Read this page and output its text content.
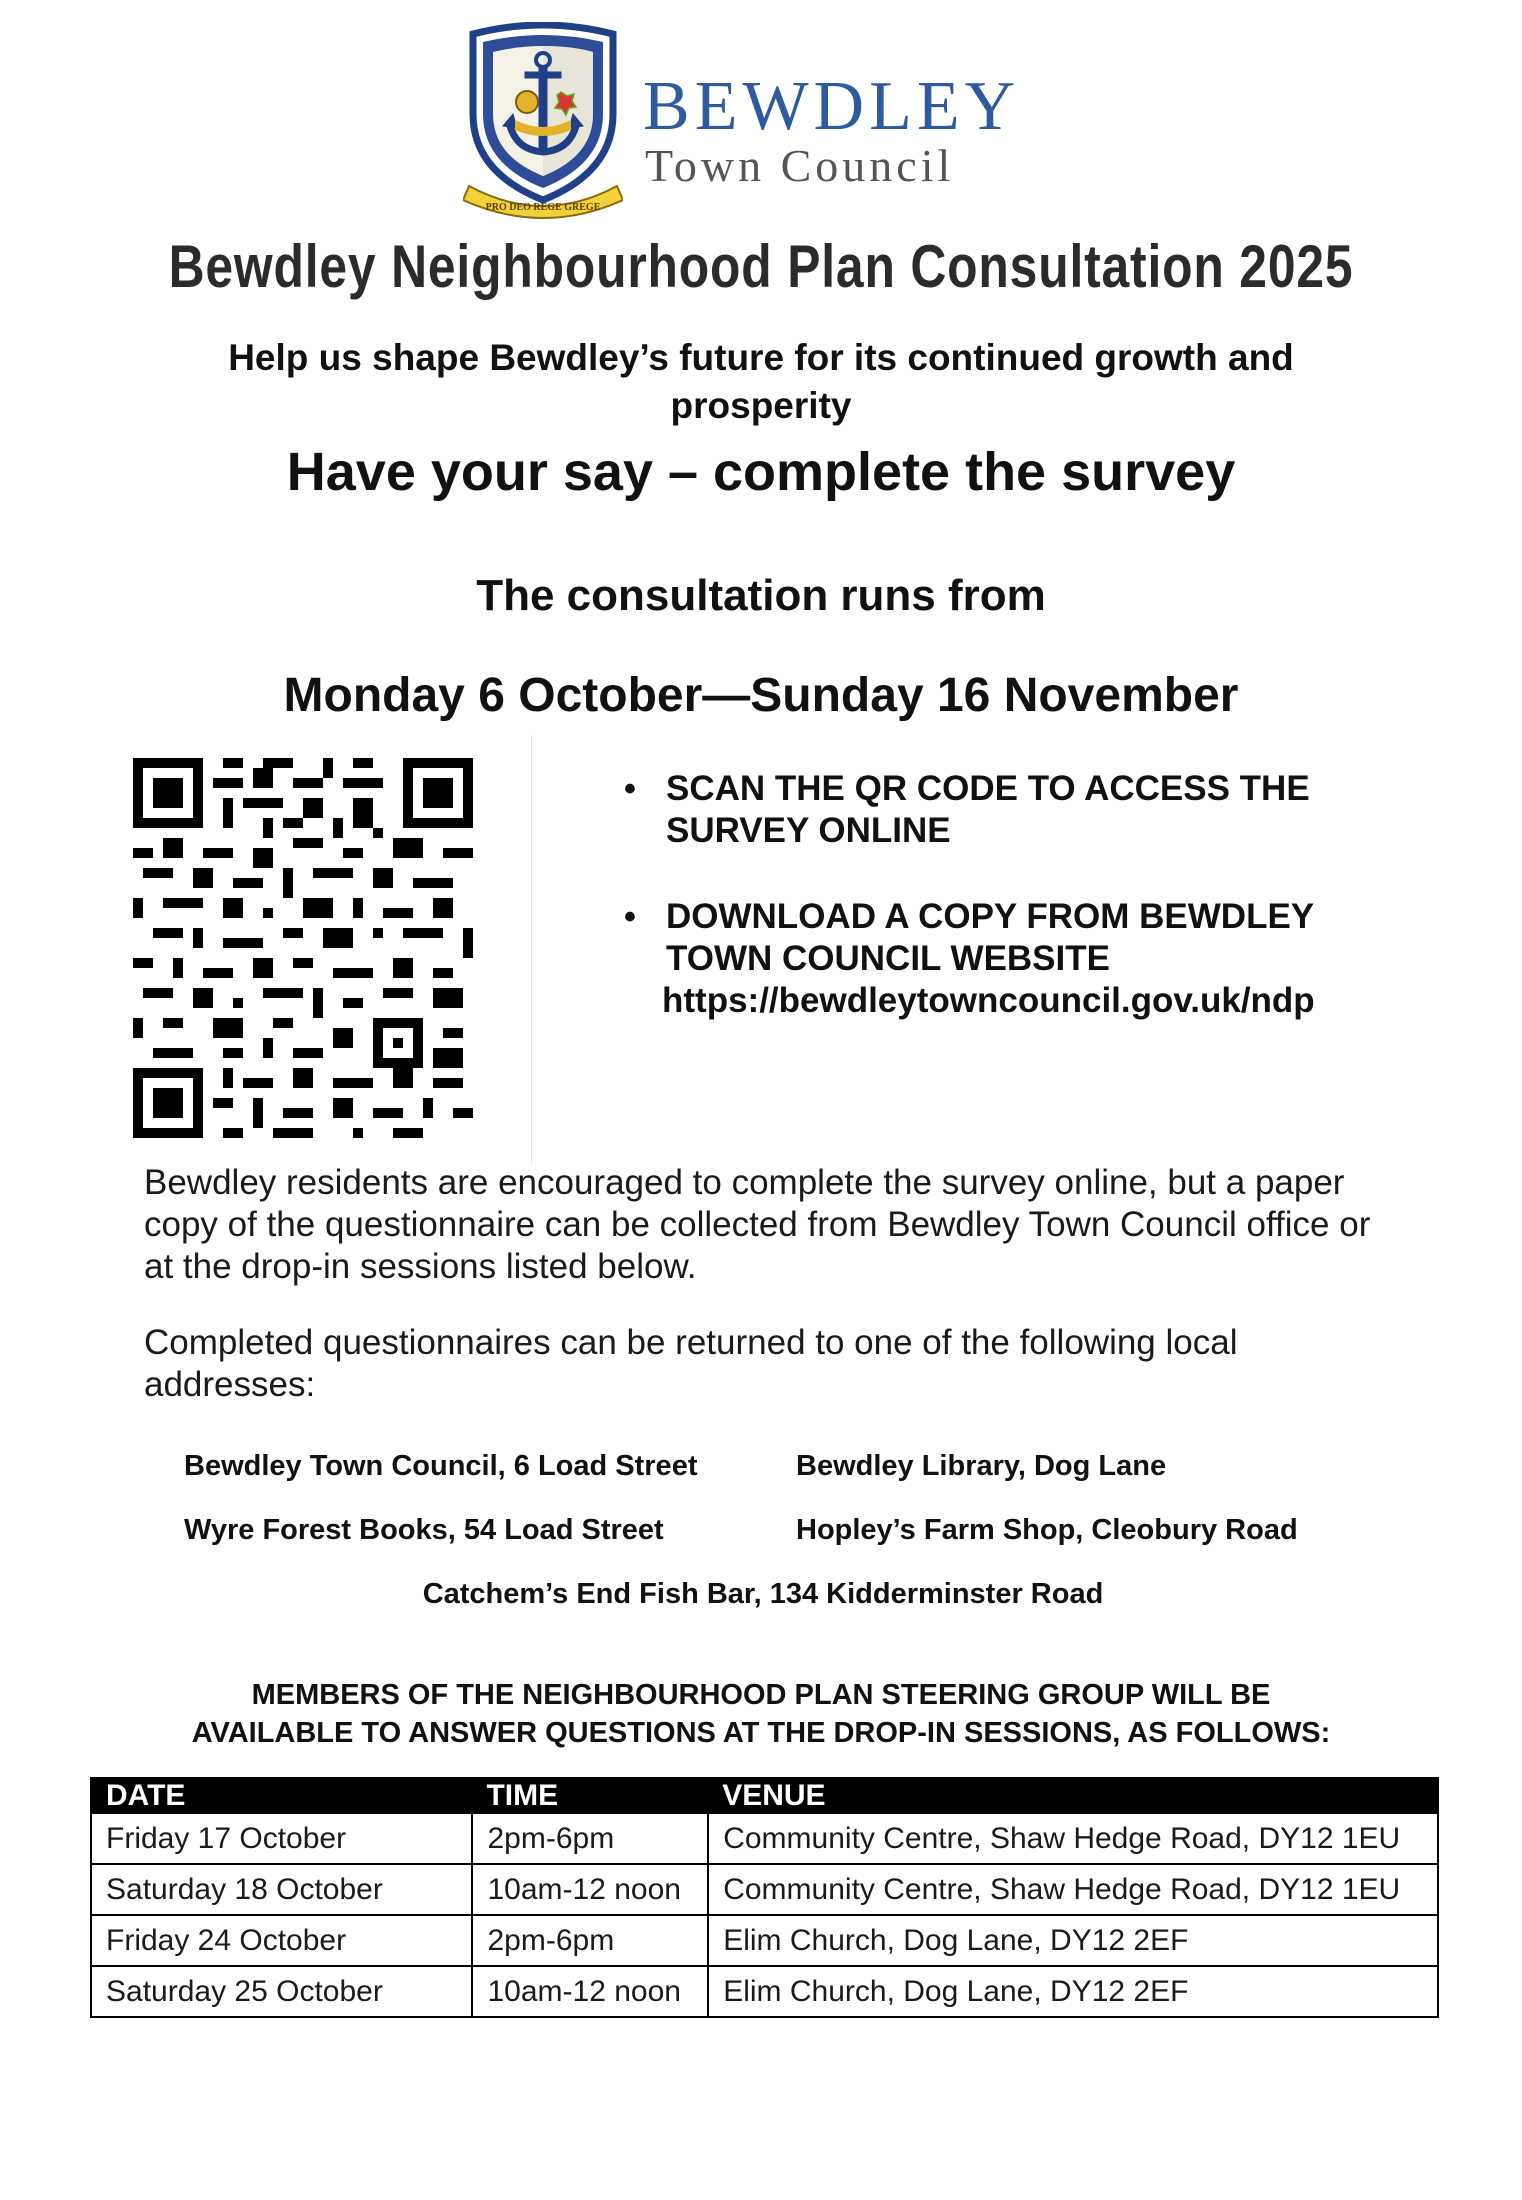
PRO DEO REGE GREGE
BEWDLEY
Town Council
Bewdley Neighbourhood Plan Consultation 2025
Help us shape Bewdley’s future for its continued growth and
prosperity
Have your say – complete the survey
The consultation runs from
Monday 6 October—Sunday 16 November
• SCAN THE QR CODE TO ACCESS THE
SURVEY ONLINE
• DOWNLOAD A COPY FROM BEWDLEY
TOWN COUNCIL WEBSITE
https://bewdleytowncouncil.gov.uk/ndp
Bewdley residents are encouraged to complete the survey online, but a paper
copy of the questionnaire can be collected from Bewdley Town Council office or
at the drop-in sessions listed below.
Completed questionnaires can be returned to one of the following local
addresses:
Bewdley Town Council, 6 Load Street	Bewdley Library, Dog Lane
Wyre Forest Books, 54 Load Street	Hopley’s Farm Shop, Cleobury Road
Catchem’s End Fish Bar, 134 Kidderminster Road
MEMBERS OF THE NEIGHBOURHOOD PLAN STEERING GROUP WILL BE
AVAILABLE TO ANSWER QUESTIONS AT THE DROP-IN SESSIONS, AS FOLLOWS:
DATE	TIME	VENUE
Friday 17 October	2pm-6pm	Community Centre, Shaw Hedge Road, DY12 1EU
Saturday 18 October	10am-12 noon	Community Centre, Shaw Hedge Road, DY12 1EU
Friday 24 October	2pm-6pm	Elim Church, Dog Lane, DY12 2EF
Saturday 25 October	10am-12 noon	Elim Church, Dog Lane, DY12 2EF
